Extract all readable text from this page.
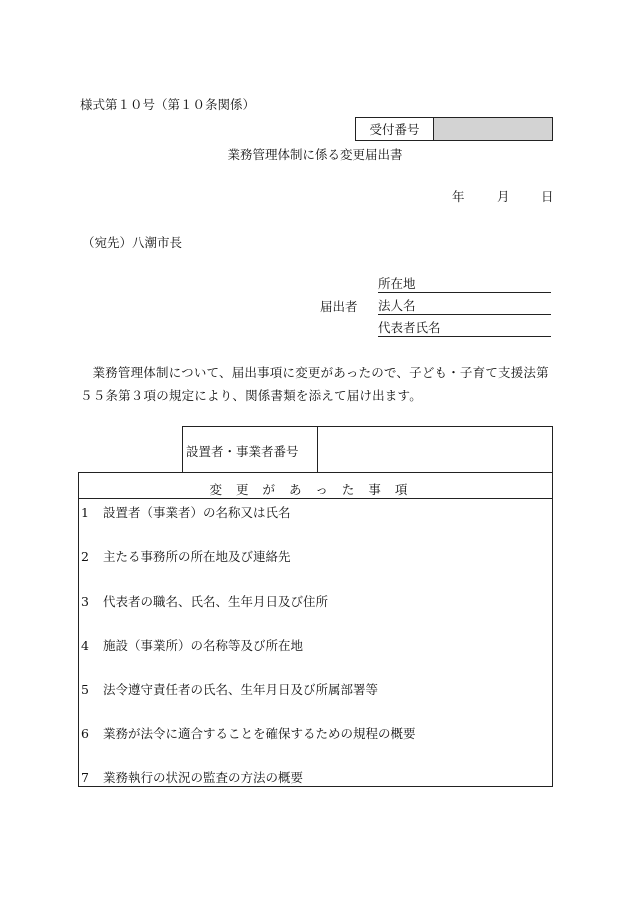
様式第１０号（第１０条関係）
受付番号
業務管理体制に係る変更届出書
年	月	日
（宛先）八潮市長
届出者
所在地
法人名
代表者氏名
業務管理体制について、届出事項に変更があったので、子ども・子育て支援法第５５条第３項の規定により、関係書類を添えて届け出ます。
設置者・事業者番号
変更があった事項
1 設置者（事業者）の名称又は氏名
2 主たる事務所の所在地及び連絡先
3 代表者の職名、氏名、生年月日及び住所
4 施設（事業所）の名称等及び所在地
5 法令遵守責任者の氏名、生年月日及び所属部署等
6 業務が法令に適合することを確保するための規程の概要
7 業務執行の状況の監査の方法の概要
